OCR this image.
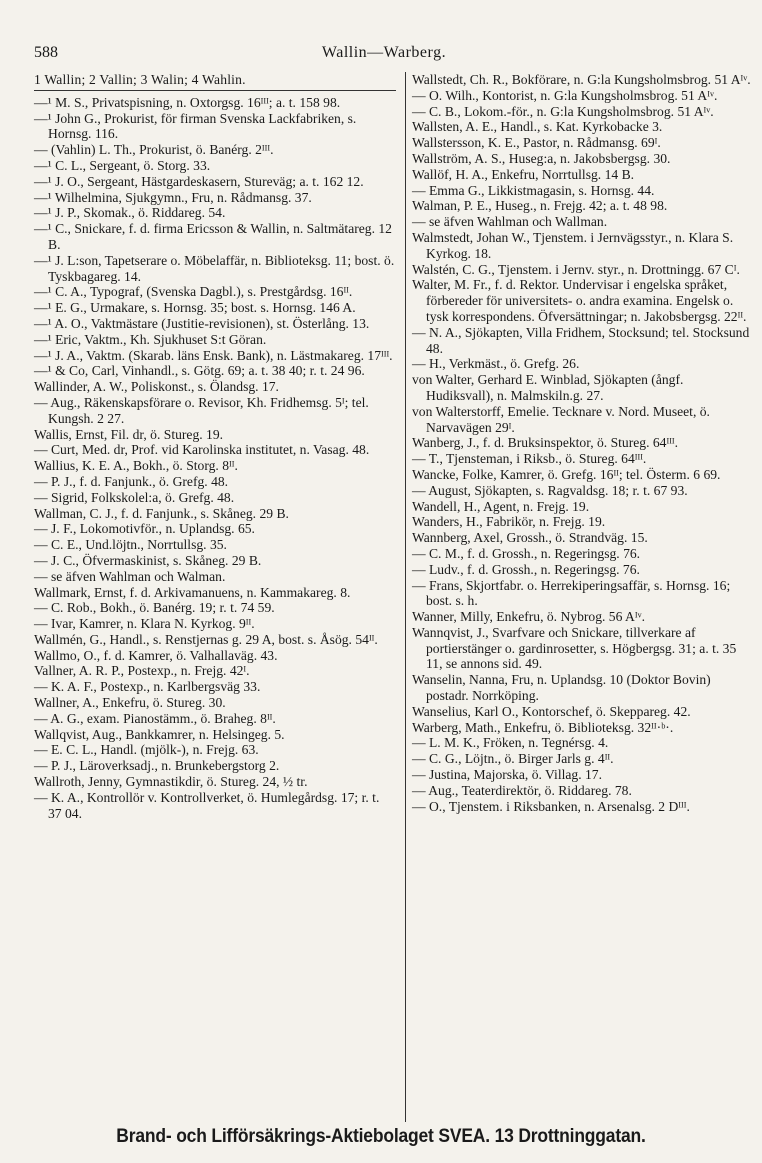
588	Wallin—Warberg.
1 Wallin; 2 Vallin; 3 Walin; 4 Wahlin.
—¹ M. S., Privatspisning, n. Oxtorgsg. 16ᴵᴵᴵ; a. t. 158 98.
—¹ John G., Prokurist, för firman Svenska Lackfabriken, s. Hornsg. 116.
— (Vahlin) L. Th., Prokurist, ö. Banérg. 2ᴵᴵᴵ.
—¹ C. L., Sergeant, ö. Storg. 33.
—¹ J. O., Sergeant, Hästgardeskasern, Stureväg; a. t. 162 12.
—¹ Wilhelmina, Sjukgymn., Fru, n. Rådmansg. 37.
—¹ J. P., Skomak., ö. Riddareg. 54.
—¹ C., Snickare, f. d. firma Ericsson & Wallin, n. Saltmätareg. 12 B.
—¹ J. L:son, Tapetserare o. Möbelaffär, n. Biblioteksg. 11; bost. ö. Tyskbagareg. 14.
—¹ C. A., Typograf, (Svenska Dagbl.), s. Prestgårdsg. 16ᴵᴵ.
—¹ E. G., Urmakare, s. Hornsg. 35; bost. s. Hornsg. 146 A.
—¹ A. O., Vaktmästare (Justitie-revisionen), st. Österlång. 13.
—¹ Eric, Vaktm., Kh. Sjukhuset S:t Göran.
—¹ J. A., Vaktm. (Skarab. läns Ensk. Bank), n. Lästmakareg. 17ᴵᴵᴵ.
—¹ & Co, Carl, Vinhandl., s. Götg. 69; a. t. 38 40; r. t. 24 96.
Wallinder, A. W., Poliskonst., s. Ölandsg. 17.
— Aug., Räkenskapsförare o. Revisor, Kh. Fridhemsg. 5ᴵ; tel. Kungsh. 2 27.
Wallis, Ernst, Fil. dr, ö. Stureg. 19.
— Curt, Med. dr, Prof. vid Karolinska institutet, n. Vasag. 48.
Wallius, K. E. A., Bokh., ö. Storg. 8ᴵᴵ.
— P. J., f. d. Fanjunk., ö. Grefg. 48.
— Sigrid, Folkskolel:a, ö. Grefg. 48.
Wallman, C. J., f. d. Fanjunk., s. Skåneg. 29 B.
— J. F., Lokomotivför., n. Uplandsg. 65.
— C. E., Und.löjtn., Norrtullsg. 35.
— J. C., Öfvermaskinist, s. Skåneg. 29 B.
— se äfven Wahlman och Walman.
Wallmark, Ernst, f. d. Arkivamanuens, n. Kammakareg. 8.
— C. Rob., Bokh., ö. Banérg. 19; r. t. 74 59.
— Ivar, Kamrer, n. Klara N. Kyrkog. 9ᴵᴵ.
Wallmén, G., Handl., s. Renstjernas g. 29 A, bost. s. Åsög. 54ᴵᴵ.
Wallmo, O., f. d. Kamrer, ö. Valhallaväg. 43.
Vallner, A. R. P., Postexp., n. Frejg. 42ᴵ.
— K. A. F., Postexp., n. Karlbergsväg 33.
Wallner, A., Enkefru, ö. Stureg. 30.
— A. G., exam. Pianostämm., ö. Braheg. 8ᴵᴵ.
Wallqvist, Aug., Bankkamrer, n. Helsingeg. 5.
— E. C. L., Handl. (mjölk-), n. Frejg. 63.
— P. J., Läroverksadj., n. Brunkebergstorg 2.
Wallroth, Jenny, Gymnastikdir, ö. Stureg. 24, ½ tr.
— K. A., Kontrollör v. Kontrollverket, ö. Humlegårdsg. 17; r. t. 37 04.
Wallstedt, Ch. R., Bokförare, n. G:la Kungsholmsbrog. 51 Aᴵᵛ.
— O. Wilh., Kontorist, n. G:la Kungsholmsbrog. 51 Aᴵᵛ.
— C. B., Lokom.-för., n. G:la Kungsholmsbrog. 51 Aᴵᵛ.
Wallsten, A. E., Handl., s. Kat. Kyrkobacke 3.
Wallstersson, K. E., Pastor, n. Rådmansg. 69ᴵ.
Wallström, A. S., Huseg:a, n. Jakobsbergsg. 30.
Wallöf, H. A., Enkefru, Norrtullsg. 14 B.
— Emma G., Likkistmagasin, s. Hornsg. 44.
Walman, P. E., Huseg., n. Frejg. 42; a. t. 48 98.
— se äfven Wahlman och Wallman.
Walmstedt, Johan W., Tjenstem. i Jernvägsstyr., n. Klara S. Kyrkog. 18.
Walstén, C. G., Tjenstem. i Jernv. styr., n. Drottningg. 67 Cᴵ.
Walter, M. Fr., f. d. Rektor. Undervisar i engelska språket, förbereder för universitets- o. andra examina. Engelsk o. tysk korrespondens. Öfversättningar; n. Jakobsbergsg. 22ᴵᴵ.
— N. A., Sjökapten, Villa Fridhem, Stocksund; tel. Stocksund 48.
— H., Verkmäst., ö. Grefg. 26.
von Walter, Gerhard E. Winblad, Sjökapten (ångf. Hudiksvall), n. Malmskiln.g. 27.
von Walterstorff, Emelie. Tecknare v. Nord. Museet, ö. Narvavägen 29ᴵ.
Wanberg, J., f. d. Bruksinspektor, ö. Stureg. 64ᴵᴵᴵ.
— T., Tjensteman, i Riksb., ö. Stureg. 64ᴵᴵᴵ.
Wancke, Folke, Kamrer, ö. Grefg. 16ᴵᴵ; tel. Österm. 6 69.
— August, Sjökapten, s. Ragvaldsg. 18; r. t. 67 93.
Wandell, H., Agent, n. Frejg. 19.
Wanders, H., Fabrikör, n. Frejg. 19.
Wannberg, Axel, Grossh., ö. Strandväg. 15.
— C. M., f. d. Grossh., n. Regeringsg. 76.
— Ludv., f. d. Grossh., n. Regeringsg. 76.
— Frans, Skjortfabr. o. Herrekiperingsaffär, s. Hornsg. 16; bost. s. h.
Wanner, Milly, Enkefru, ö. Nybrog. 56 Aᴵᵛ.
Wannqvist, J., Svarfvare och Snickare, tillverkare af portierstänger o. gardinrosetter, s. Högbergsg. 31; a. t. 35 11, se annons sid. 49.
Wanselin, Nanna, Fru, n. Uplandsg. 10 (Doktor Bovin) postadr. Norrköping.
Wanselius, Karl O., Kontorschef, ö. Skeppareg. 42.
Warberg, Math., Enkefru, ö. Biblioteksg. 32ᴵᴵ·ᵇ·.
— L. M. K., Fröken, n. Tegnérsg. 4.
— C. G., Löjtn., ö. Birger Jarls g. 4ᴵᴵ.
— Justina, Majorska, ö. Villag. 17.
— Aug., Teaterdirektör, ö. Riddareg. 78.
— O., Tjenstem. i Riksbanken, n. Arsenalsg. 2 Dᴵᴵᴵ.
Brand- och Lifförsäkrings-Aktiebolaget SVEA. 13 Drottninggatan.
